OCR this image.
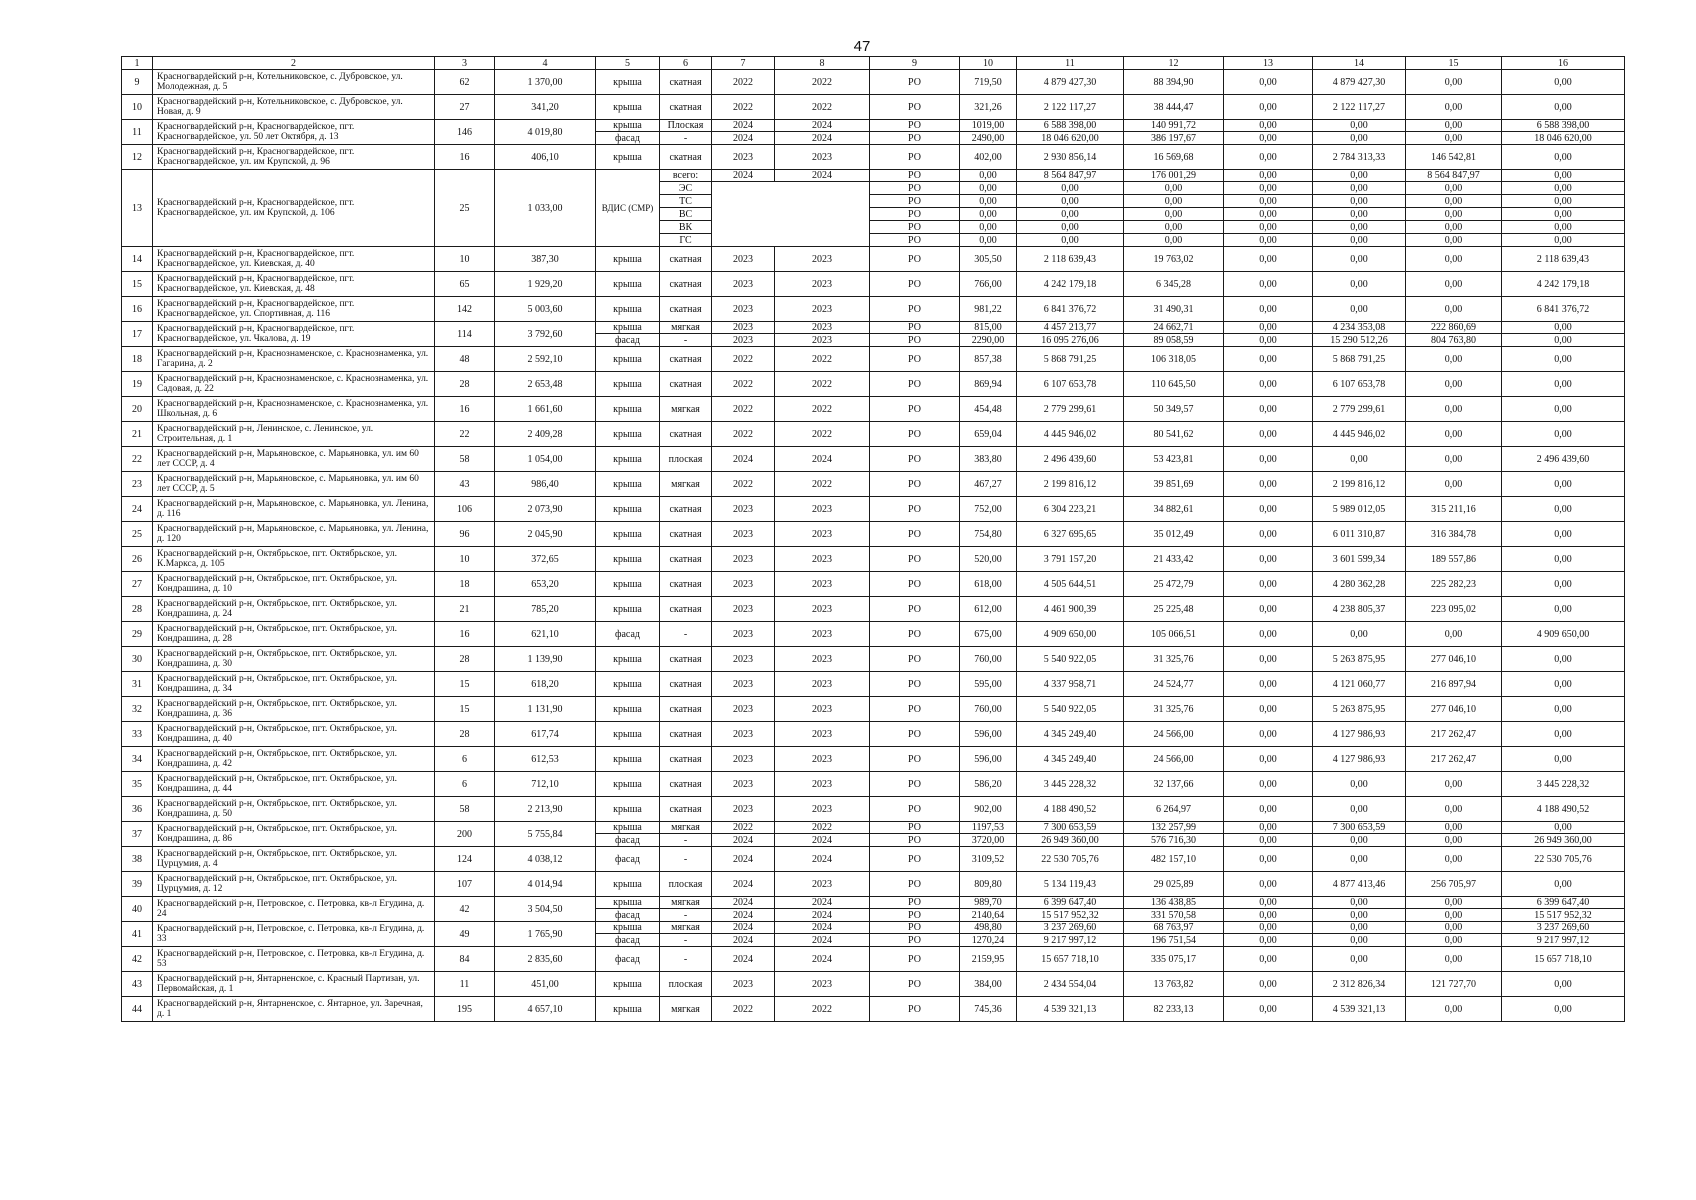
47
1	2	3	4	5	6	7	8	9	10	11	12	13	14	15	16
9	Красногвардейский р-н, Котельниковское, с. Дубровское, ул. Молодежная, д. 5	62	1 370,00	крыша	скатная	2022	2022	РО	719,50	4 879 427,30	88 394,90	0,00	4 879 427,30	0,00	0,00
10	Красногвардейский р-н, Котельниковское, с. Дубровское, ул. Новая, д. 9	27	341,20	крыша	скатная	2022	2022	РО	321,26	2 122 117,27	38 444,47	0,00	2 122 117,27	0,00	0,00
11	Красногвардейский р-н, Красногвардейское, пгт. Красногвардейское, ул. 50 лет Октября, д. 13	146	4 019,80	крыша	Плоская	2024	2024	РО	1019,00	6 588 398,00	140 991,72	0,00	0,00	0,00	6 588 398,00
				фасад	-	2024	2024	РО	2490,00	18 046 620,00	386 197,67	0,00	0,00	0,00	18 046 620,00
12	Красногвардейский р-н, Красногвардейское, пгт. Красногвардейское, ул. им Крупской, д. 96	16	406,10	крыша	скатная	2023	2023	РО	402,00	2 930 856,14	16 569,68	0,00	2 784 313,33	146 542,81	0,00
13	Красногвардейский р-н, Красногвардейское, пгт. Красногвардейское, ул. им Крупской, д. 106	25	1 033,00	ВДИС (СМР)	всего:	2024	2024	РО	0,00	8 564 847,97	176 001,29	0,00	0,00	8 564 847,97	0,00
					ЭС			РО	0,00	0,00	0,00	0,00	0,00	0,00	0,00
					ТС			РО	0,00	0,00	0,00	0,00	0,00	0,00	0,00
					ВС			РО	0,00	0,00	0,00	0,00	0,00	0,00	0,00
					ВК			РО	0,00	0,00	0,00	0,00	0,00	0,00	0,00
					ГС			РО	0,00	0,00	0,00	0,00	0,00	0,00	0,00
14	Красногвардейский р-н, Красногвардейское, пгт. Красногвардейское, ул. Киевская, д. 40	10	387,30	крыша	скатная	2023	2023	РО	305,50	2 118 639,43	19 763,02	0,00	0,00	0,00	2 118 639,43
15	Красногвардейский р-н, Красногвардейское, пгт. Красногвардейское, ул. Киевская, д. 48	65	1 929,20	крыша	скатная	2023	2023	РО	766,00	4 242 179,18	6 345,28	0,00	0,00	0,00	4 242 179,18
16	Красногвардейский р-н, Красногвардейское, пгт. Красногвардейское, ул. Спортивная, д. 116	142	5 003,60	крыша	скатная	2023	2023	РО	981,22	6 841 376,72	31 490,31	0,00	0,00	0,00	6 841 376,72
17	Красногвардейский р-н, Красногвардейское, пгт. Красногвардейское, ул. Чкалова, д. 19	114	3 792,60	крыша	мягкая	2023	2023	РО	815,00	4 457 213,77	24 662,71	0,00	4 234 353,08	222 860,69	0,00
				фасад	-	2023	2023	РО	2290,00	16 095 276,06	89 058,59	0,00	15 290 512,26	804 763,80	0,00
18	Красногвардейский р-н, Краснознаменское, с. Краснознаменка, ул. Гагарина, д. 2	48	2 592,10	крыша	скатная	2022	2022	РО	857,38	5 868 791,25	106 318,05	0,00	5 868 791,25	0,00	0,00
19	Красногвардейский р-н, Краснознаменское, с. Краснознаменка, ул. Садовая, д. 22	28	2 653,48	крыша	скатная	2022	2022	РО	869,94	6 107 653,78	110 645,50	0,00	6 107 653,78	0,00	0,00
20	Красногвардейский р-н, Краснознаменское, с. Краснознаменка, ул. Школьная, д. 6	16	1 661,60	крыша	мягкая	2022	2022	РО	454,48	2 779 299,61	50 349,57	0,00	2 779 299,61	0,00	0,00
21	Красногвардейский р-н, Ленинское, с. Ленинское, ул. Строительная, д. 1	22	2 409,28	крыша	скатная	2022	2022	РО	659,04	4 445 946,02	80 541,62	0,00	4 445 946,02	0,00	0,00
22	Красногвардейский р-н, Марьяновское, с. Марьяновка, ул. им 60 лет СССР, д. 4	58	1 054,00	крыша	плоская	2024	2024	РО	383,80	2 496 439,60	53 423,81	0,00	0,00	0,00	2 496 439,60
23	Красногвардейский р-н, Марьяновское, с. Марьяновка, ул. им 60 лет СССР, д. 5	43	986,40	крыша	мягкая	2022	2022	РО	467,27	2 199 816,12	39 851,69	0,00	2 199 816,12	0,00	0,00
24	Красногвардейский р-н, Марьяновское, с. Марьяновка, ул. Ленина, д. 116	106	2 073,90	крыша	скатная	2023	2023	РО	752,00	6 304 223,21	34 882,61	0,00	5 989 012,05	315 211,16	0,00
25	Красногвардейский р-н, Марьяновское, с. Марьяновка, ул. Ленина, д. 120	96	2 045,90	крыша	скатная	2023	2023	РО	754,80	6 327 695,65	35 012,49	0,00	6 011 310,87	316 384,78	0,00
26	Красногвардейский р-н, Октябрьское, пгт. Октябрьское, ул. К.Маркса, д. 105	10	372,65	крыша	скатная	2023	2023	РО	520,00	3 791 157,20	21 433,42	0,00	3 601 599,34	189 557,86	0,00
27	Красногвардейский р-н, Октябрьское, пгт. Октябрьское, ул. Кондрашина, д. 10	18	653,20	крыша	скатная	2023	2023	РО	618,00	4 505 644,51	25 472,79	0,00	4 280 362,28	225 282,23	0,00
28	Красногвардейский р-н, Октябрьское, пгт. Октябрьское, ул. Кондрашина, д. 24	21	785,20	крыша	скатная	2023	2023	РО	612,00	4 461 900,39	25 225,48	0,00	4 238 805,37	223 095,02	0,00
29	Красногвардейский р-н, Октябрьское, пгт. Октябрьское, ул. Кондрашина, д. 28	16	621,10	фасад	-	2023	2023	РО	675,00	4 909 650,00	105 066,51	0,00	0,00	0,00	4 909 650,00
30	Красногвардейский р-н, Октябрьское, пгт. Октябрьское, ул. Кондрашина, д. 30	28	1 139,90	крыша	скатная	2023	2023	РО	760,00	5 540 922,05	31 325,76	0,00	5 263 875,95	277 046,10	0,00
31	Красногвардейский р-н, Октябрьское, пгт. Октябрьское, ул. Кондрашина, д. 34	15	618,20	крыша	скатная	2023	2023	РО	595,00	4 337 958,71	24 524,77	0,00	4 121 060,77	216 897,94	0,00
32	Красногвардейский р-н, Октябрьское, пгт. Октябрьское, ул. Кондрашина, д. 36	15	1 131,90	крыша	скатная	2023	2023	РО	760,00	5 540 922,05	31 325,76	0,00	5 263 875,95	277 046,10	0,00
33	Красногвардейский р-н, Октябрьское, пгт. Октябрьское, ул. Кондрашина, д. 40	28	617,74	крыша	скатная	2023	2023	РО	596,00	4 345 249,40	24 566,00	0,00	4 127 986,93	217 262,47	0,00
34	Красногвардейский р-н, Октябрьское, пгт. Октябрьское, ул. Кондрашина, д. 42	6	612,53	крыша	скатная	2023	2023	РО	596,00	4 345 249,40	24 566,00	0,00	4 127 986,93	217 262,47	0,00
35	Красногвардейский р-н, Октябрьское, пгт. Октябрьское, ул. Кондрашина, д. 44	6	712,10	крыша	скатная	2023	2023	РО	586,20	3 445 228,32	32 137,66	0,00	0,00	0,00	3 445 228,32
36	Красногвардейский р-н, Октябрьское, пгт. Октябрьское, ул. Кондрашина, д. 50	58	2 213,90	крыша	скатная	2023	2023	РО	902,00	4 188 490,52	6 264,97	0,00	0,00	0,00	4 188 490,52
37	Красногвардейский р-н, Октябрьское, пгт. Октябрьское, ул. Кондрашина, д. 86	200	5 755,84	крыша	мягкая	2022	2022	РО	1197,53	7 300 653,59	132 257,99	0,00	7 300 653,59	0,00	0,00
				фасад	-	2024	2024	РО	3720,00	26 949 360,00	576 716,30	0,00	0,00	0,00	26 949 360,00
38	Красногвардейский р-н, Октябрьское, пгт. Октябрьское, ул. Цурцумия, д. 4	124	4 038,12	фасад	-	2024	2024	РО	3109,52	22 530 705,76	482 157,10	0,00	0,00	0,00	22 530 705,76
39	Красногвардейский р-н, Октябрьское, пгт. Октябрьское, ул. Цурцумия, д. 12	107	4 014,94	крыша	плоская	2024	2023	РО	809,80	5 134 119,43	29 025,89	0,00	4 877 413,46	256 705,97	0,00
40	Красногвардейский р-н, Петровское, с. Петровка, кв-л Егудина, д. 24	42	3 504,50	крыша	мягкая	2024	2024	РО	989,70	6 399 647,40	136 438,85	0,00	0,00	0,00	6 399 647,40
				фасад	-	2024	2024	РО	2140,64	15 517 952,32	331 570,58	0,00	0,00	0,00	15 517 952,32
41	Красногвардейский р-н, Петровское, с. Петровка, кв-л Егудина, д. 33	49	1 765,90	крыша	мягкая	2024	2024	РО	498,80	3 237 269,60	68 763,97	0,00	0,00	0,00	3 237 269,60
				фасад	-	2024	2024	РО	1270,24	9 217 997,12	196 751,54	0,00	0,00	0,00	9 217 997,12
42	Красногвардейский р-н, Петровское, с. Петровка, кв-л Егудина, д. 53	84	2 835,60	фасад	-	2024	2024	РО	2159,95	15 657 718,10	335 075,17	0,00	0,00	0,00	15 657 718,10
43	Красногвардейский р-н, Янтарненское, с. Красный Партизан, ул. Первомайская, д. 1	11	451,00	крыша	плоская	2023	2023	РО	384,00	2 434 554,04	13 763,82	0,00	2 312 826,34	121 727,70	0,00
44	Красногвардейский р-н, Янтарненское, с. Янтарное, ул. Заречная, д. 1	195	4 657,10	крыша	мягкая	2022	2022	РО	745,36	4 539 321,13	82 233,13	0,00	4 539 321,13	0,00	0,00
